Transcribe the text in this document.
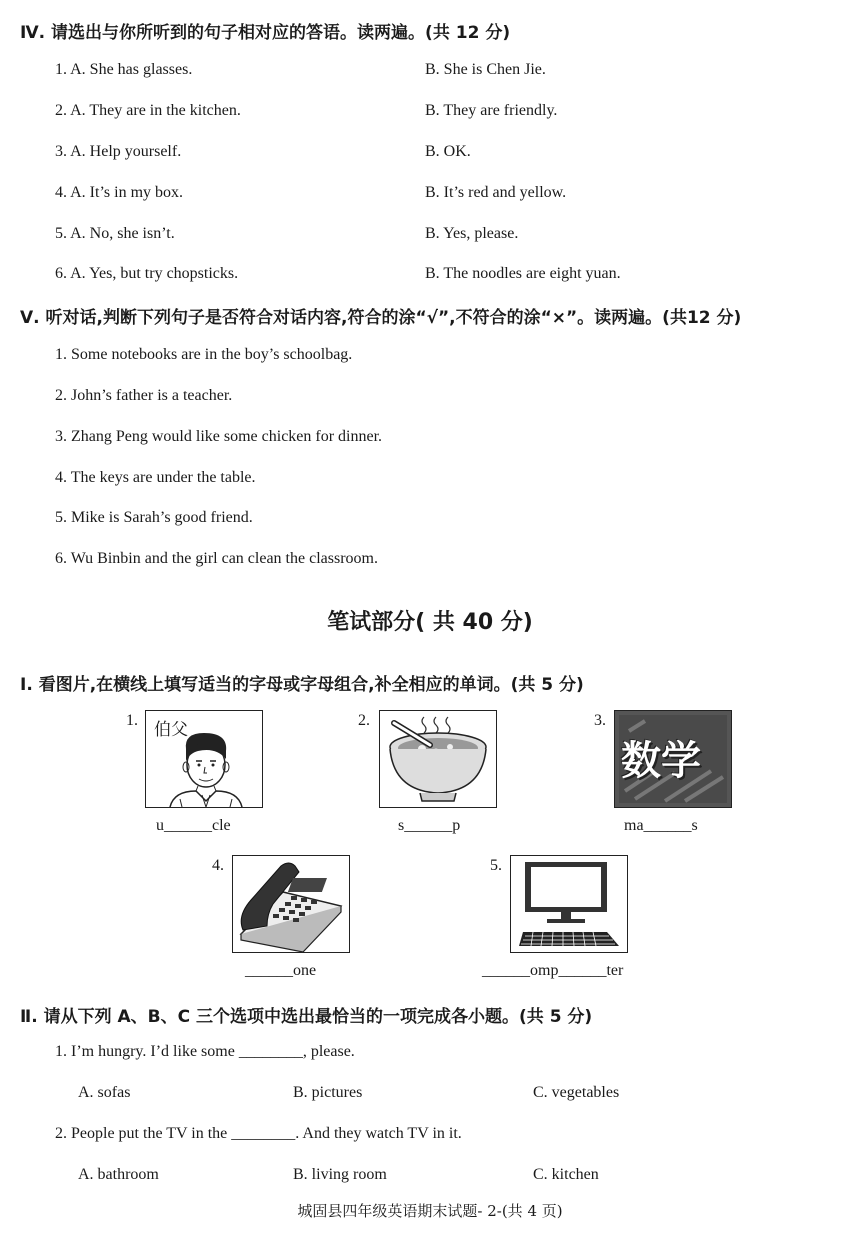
Ⅳ. 请选出与你所听到的句子相对应的答语。读两遍。(共 12 分)
1. A. She has glasses.	B. She is Chen Jie.
2. A. They are in the kitchen.	B. They are friendly.
3. A. Help yourself.	B. OK.
4. A. It’s in my box.	B. It’s red and yellow.
5. A. No, she isn’t.	B. Yes, please.
6. A. Yes, but try chopsticks.	B. The noodles are eight yuan.
Ⅴ. 听对话,判断下列句子是否符合对话内容,符合的涂“√”,不符合的涂“×”。读两遍。(共12 分)
1. Some notebooks are in the boy’s schoolbag.
2. John’s father is a teacher.
3. Zhang Peng would like some chicken for dinner.
4. The keys are under the table.
5. Mike is Sarah’s good friend.
6. Wu Binbin and the girl can clean the classroom.
笔试部分( 共 40 分)
Ⅰ. 看图片,在横线上填写适当的字母或字母组合,补全相应的单词。(共 5 分)
1. 伯父
u______cle
2.
s______p
3.
数学
ma______s
4.
______one
5.
______omp______ter
Ⅱ. 请从下列 A、B、C 三个选项中选出最恰当的一项完成各小题。(共 5 分)
1. I’m hungry. I’d like some ________, please.
A. sofas	B. pictures	C. vegetables
2. People put the TV in the ________. And they watch TV in it.
A. bathroom	B. living room	C. kitchen
城固县四年级英语期末试题- 2-(共 4 页)
